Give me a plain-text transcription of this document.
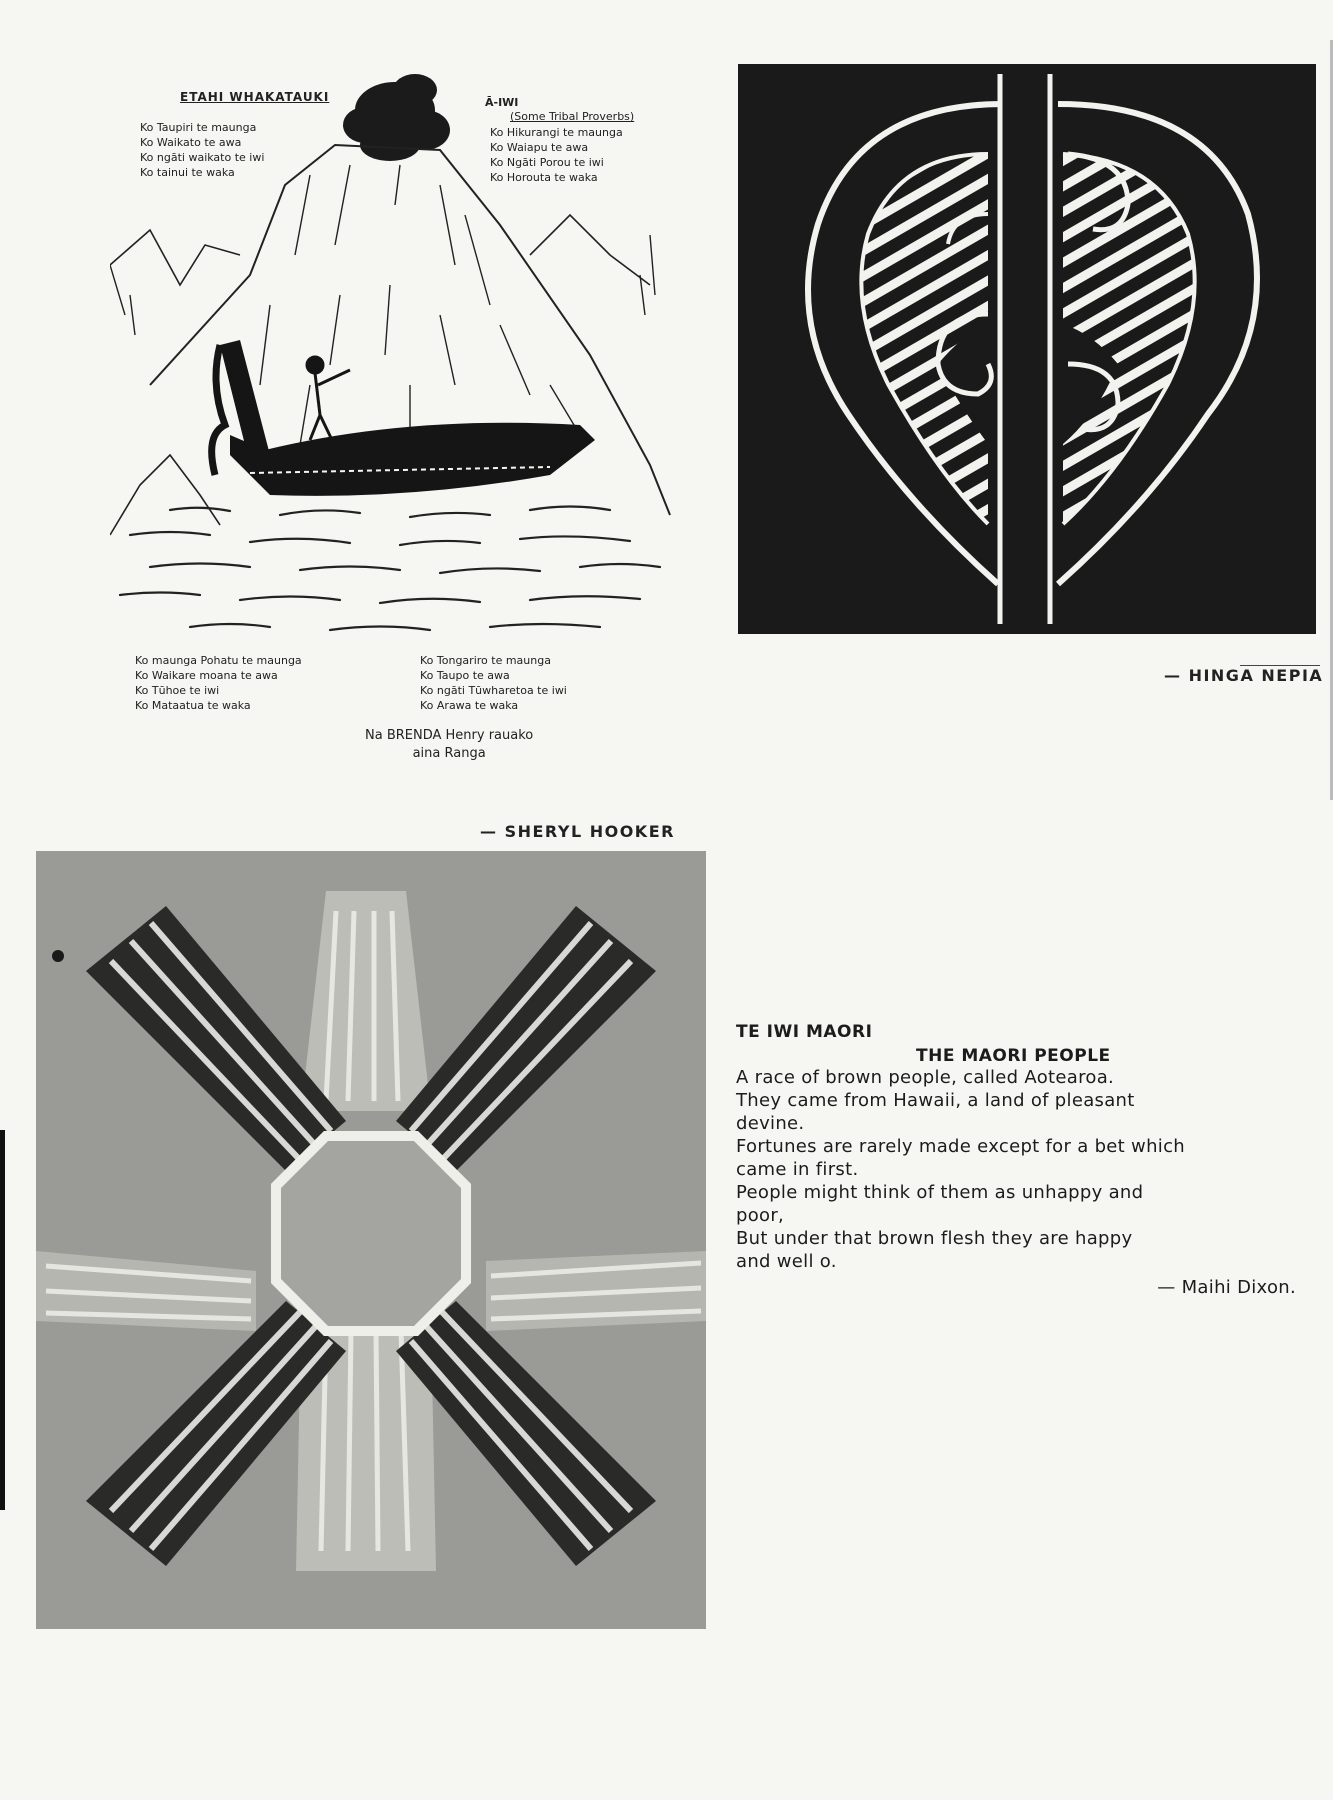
ETAHI WHAKATAUKI	Ā-IWI
(Some Tribal Proverbs)
Ko Taupiri te maunga
Ko Waikato te awa
Ko ngāti waikato te iwi
Ko tainui te waka
Ko Hikurangi te maunga
Ko Waiapu te awa
Ko Ngāti Porou te iwi
Ko Horouta te waka
Ko maunga Pohatu te maunga
Ko Waikare moana te awa
Ko Tūhoe te iwi
Ko Mataatua te waka
Ko Tongariro te maunga
Ko Taupo te awa
Ko ngāti Tūwharetoa te iwi
Ko Arawa te waka
Na BRENDA Henry rauako
aina Ranga
— SHERYL HOOKER
— HINGA NEPIA
TE IWI MAORI
THE MAORI PEOPLE

A race of brown people, called Aotearoa.

They came from Hawaii, a land of pleasant

devine.

Fortunes are rarely made except for a bet which

came in first.

People might think of them as unhappy and

poor,

But under that brown flesh they are happy

and well o.

— Maihi Dixon.
